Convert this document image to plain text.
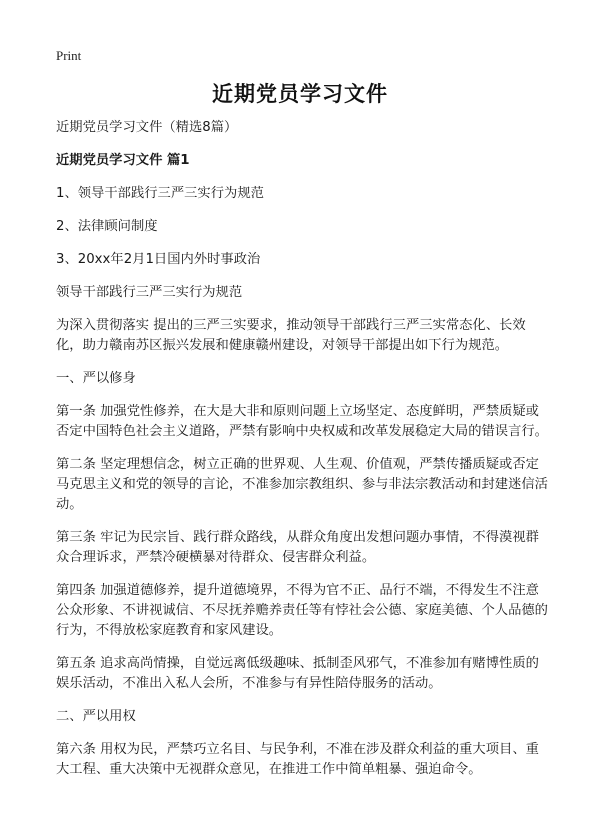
Print
近期党员学习文件

近期党员学习文件（精选8篇）

近期党员学习文件 篇1

1、领导干部践行三严三实行为规范

2、法律顾问制度

3、20xx年2月1日国内外时事政治

领导干部践行三严三实行为规范

为深入贯彻落实 提出的三严三实要求，推动领导干部践行三严三实常态化、长效化，助力赣南苏区振兴发展和健康赣州建设，对领导干部提出如下行为规范。

一、严以修身

第一条 加强党性修养，在大是大非和原则问题上立场坚定、态度鲜明，严禁质疑或否定中国特色社会主义道路，严禁有影响中央权威和改革发展稳定大局的错误言行。

第二条 坚定理想信念，树立正确的世界观、人生观、价值观，严禁传播质疑或否定马克思主义和党的领导的言论，不准参加宗教组织、参与非法宗教活动和封建迷信活动。

第三条 牢记为民宗旨、践行群众路线，从群众角度出发想问题办事情，不得漠视群众合理诉求，严禁冷硬横暴对待群众、侵害群众利益。

第四条 加强道德修养，提升道德境界，不得为官不正、品行不端，不得发生不注意公众形象、不讲视诚信、不尽抚养赡养责任等有悖社会公德、家庭美德、个人品德的行为，不得放松家庭教育和家风建设。

第五条 追求高尚情操，自觉远离低级趣味、抵制歪风邪气，不准参加有赌博性质的娱乐活动，不准出入私人会所，不准参与有异性陪侍服务的活动。

二、严以用权

第六条 用权为民，严禁巧立名目、与民争利，不准在涉及群众利益的重大项目、重大工程、重大决策中无视群众意见，在推进工作中简单粗暴、强迫命令。
